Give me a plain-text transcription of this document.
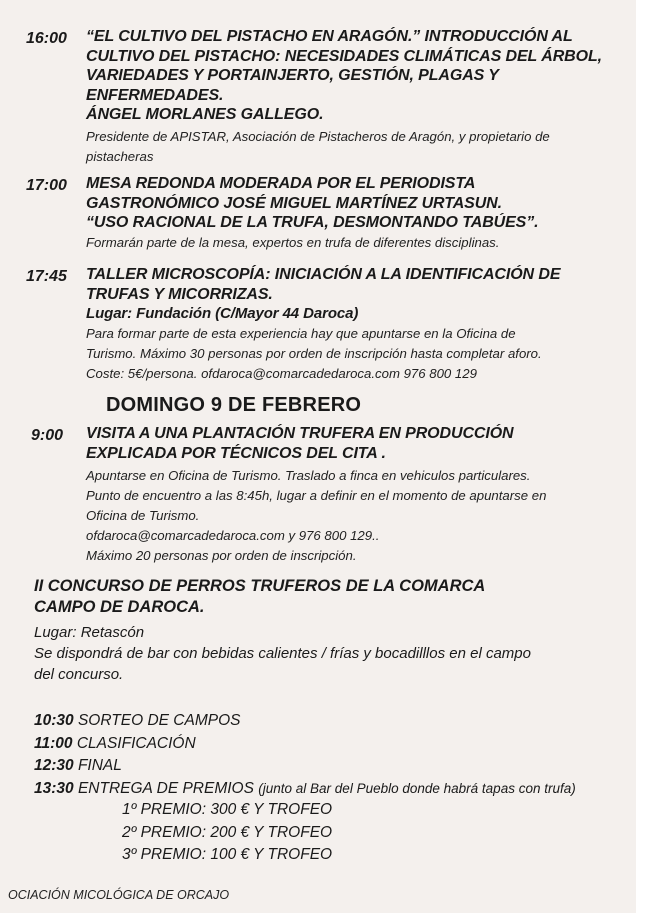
16:00 “EL CULTIVO DEL PISTACHO EN ARAGÓN.” INTRODUCCIÓN AL
CULTIVO DEL PISTACHO: NECESIDADES CLIMÁTICAS DEL ÁRBOL,
VARIEDADES Y PORTAINJERTO, GESTIÓN, PLAGAS Y
ENFERMEDADES.
ÁNGEL MORLANES GALLEGO.
Presidente de APISTAR, Asociación de Pistacheros de Aragón, y propietario de
pistacheras
17:00 MESA REDONDA MODERADA POR EL PERIODISTA
GASTRONÓMICO JOSÉ MIGUEL MARTÍNEZ URTASUN.
“USO RACIONAL DE LA TRUFA, DESMONTANDO TABÚES”.
Formarán parte de la mesa, expertos en trufa de diferentes disciplinas.
17:45 TALLER MICROSCOPÍA: INICIACIÓN A LA IDENTIFICACIÓN DE
TRUFAS Y MICORRIZAS.
Lugar: Fundación (C/Mayor 44 Daroca)
Para formar parte de esta experiencia hay que apuntarse en la Oficina de
Turismo. Máximo 30 personas por orden de inscripción hasta completar aforo.
Coste: 5€/persona. ofdaroca@comarcadedaroca.com 976 800 129
DOMINGO 9 DE FEBRERO
9:00 VISITA A UNA PLANTACIÓN TRUFERA EN PRODUCCIÓN
EXPLICADA POR TÉCNICOS DEL CITA .
Apuntarse en Oficina de Turismo. Traslado a finca en vehiculos particulares.
Punto de encuentro a las 8:45h, lugar a definir en el momento de apuntarse en
Oficina de Turismo.
ofdaroca@comarcadedaroca.com y 976 800 129..
Máximo 20 personas por orden de inscripción.
II CONCURSO DE PERROS TRUFEROS DE LA COMARCA
CAMPO DE DAROCA.
Lugar: Retascón
Se dispondrá de bar con bebidas calientes / frías y bocadilllos en el campo
del concurso.
10:30 SORTEO DE CAMPOS
11:00 CLASIFICACIÓN
12:30 FINAL
13:30 ENTREGA DE PREMIOS (junto al Bar del Pueblo donde habrá tapas con trufa)
1º PREMIO: 300 € Y TROFEO
2º PREMIO: 200 € Y TROFEO
3º PREMIO: 100 € Y TROFEO
OCIACIÓN MICOLÓGICA DE ORCAJO
